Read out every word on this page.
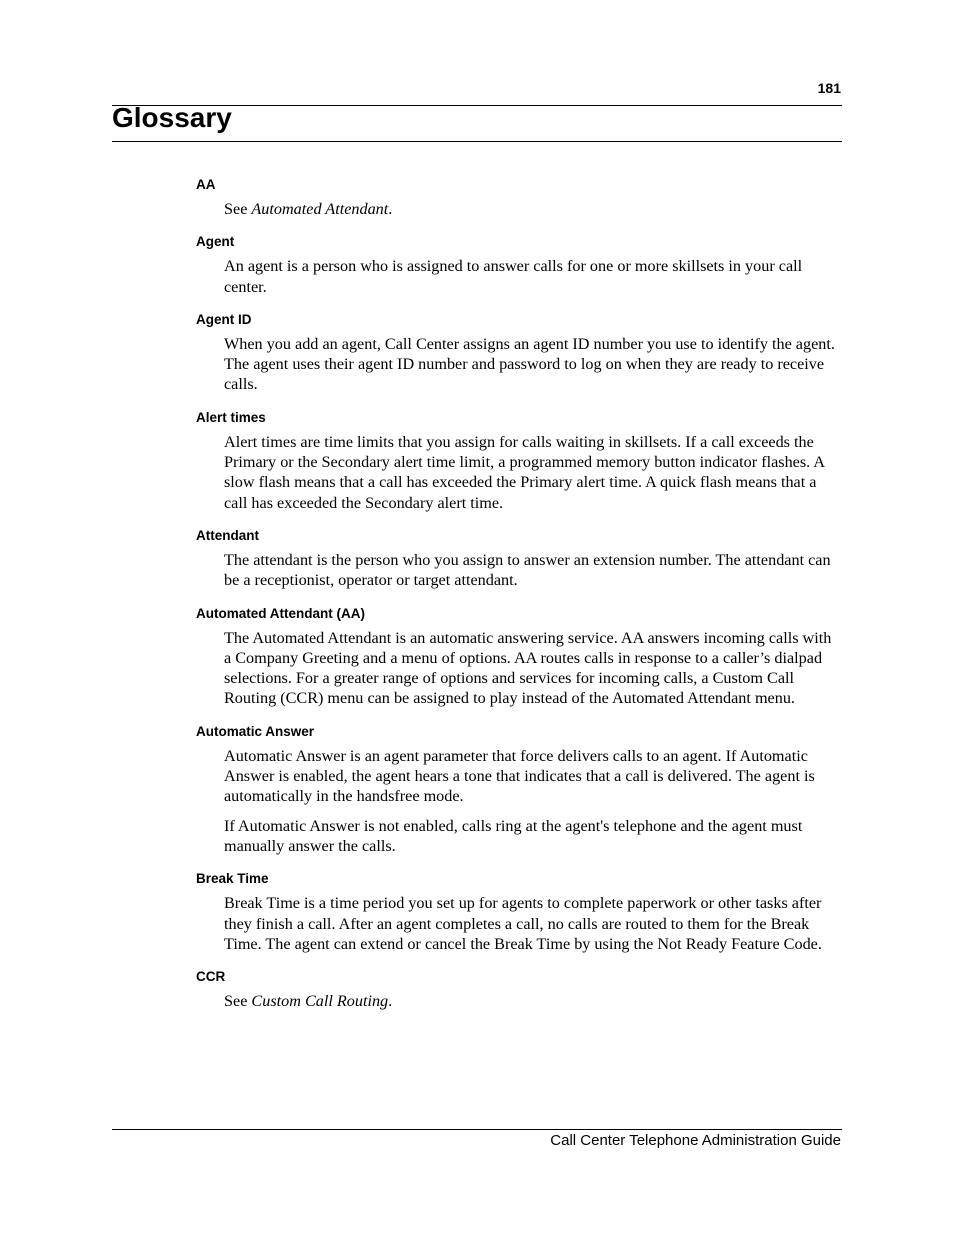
181
Glossary
AA

See Automated Attendant.

Agent

An agent is a person who is assigned to answer calls for one or more skillsets in your call center.

Agent ID

When you add an agent, Call Center assigns an agent ID number you use to identify the agent. The agent uses their agent ID number and password to log on when they are ready to receive calls.

Alert times

Alert times are time limits that you assign for calls waiting in skillsets. If a call exceeds the Primary or the Secondary alert time limit, a programmed memory button indicator flashes. A slow flash means that a call has exceeded the Primary alert time. A quick flash means that a call has exceeded the Secondary alert time.

Attendant

The attendant is the person who you assign to answer an extension number. The attendant can be a receptionist, operator or target attendant.

Automated Attendant (AA)

The Automated Attendant is an automatic answering service. AA answers incoming calls with a Company Greeting and a menu of options. AA routes calls in response to a caller’s dialpad selections. For a greater range of options and services for incoming calls, a Custom Call Routing (CCR) menu can be assigned to play instead of the Automated Attendant menu.

Automatic Answer

Automatic Answer is an agent parameter that force delivers calls to an agent. If Automatic Answer is enabled, the agent hears a tone that indicates that a call is delivered. The agent is automatically in the handsfree mode.

If Automatic Answer is not enabled, calls ring at the agent's telephone and the agent must manually answer the calls.

Break Time

Break Time is a time period you set up for agents to complete paperwork or other tasks after they finish a call. After an agent completes a call, no calls are routed to them for the Break Time. The agent can extend or cancel the Break Time by using the Not Ready Feature Code.

CCR

See Custom Call Routing.

Call Center Telephone Administration Guide
